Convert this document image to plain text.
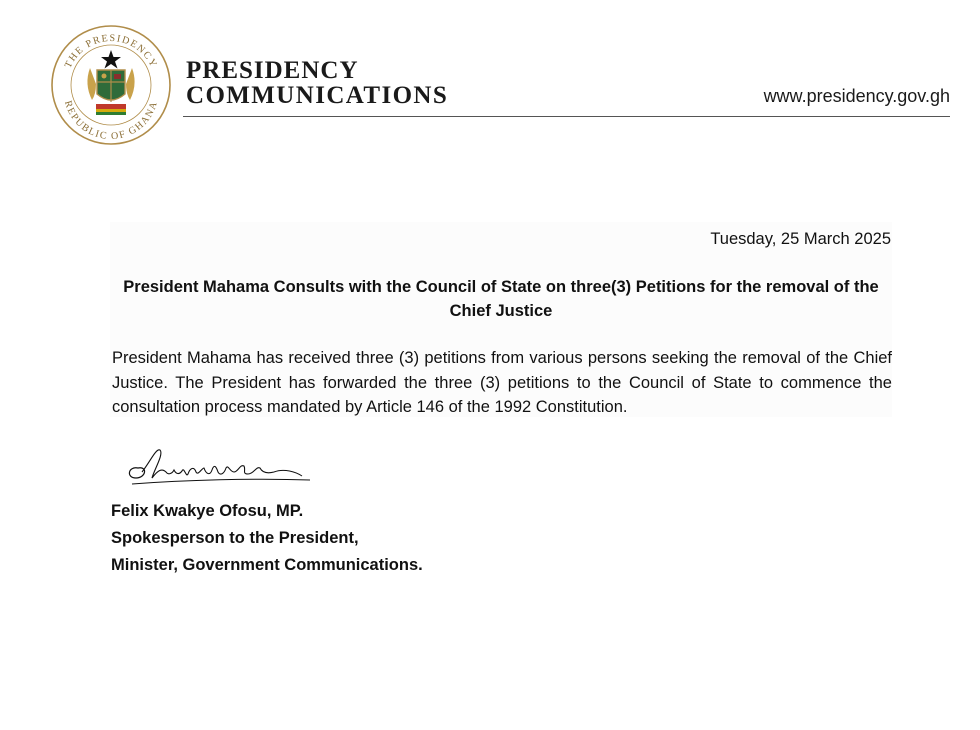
THE PRESIDENCY
REPUBLIC OF GHANA
PRESIDENCY
COMMUNICATIONS	www.presidency.gov.gh
Tuesday, 25 March 2025
President Mahama Consults with the Council of State on three(3) Petitions for the removal of the Chief Justice
President Mahama has received three (3) petitions from various persons seeking the removal of the Chief Justice. The President has forwarded the three (3) petitions to the Council of State to commence the consultation process mandated by Article 146 of the 1992 Constitution.
Felix Kwakye Ofosu, MP.
Spokesperson to the President,
Minister, Government Communications.
